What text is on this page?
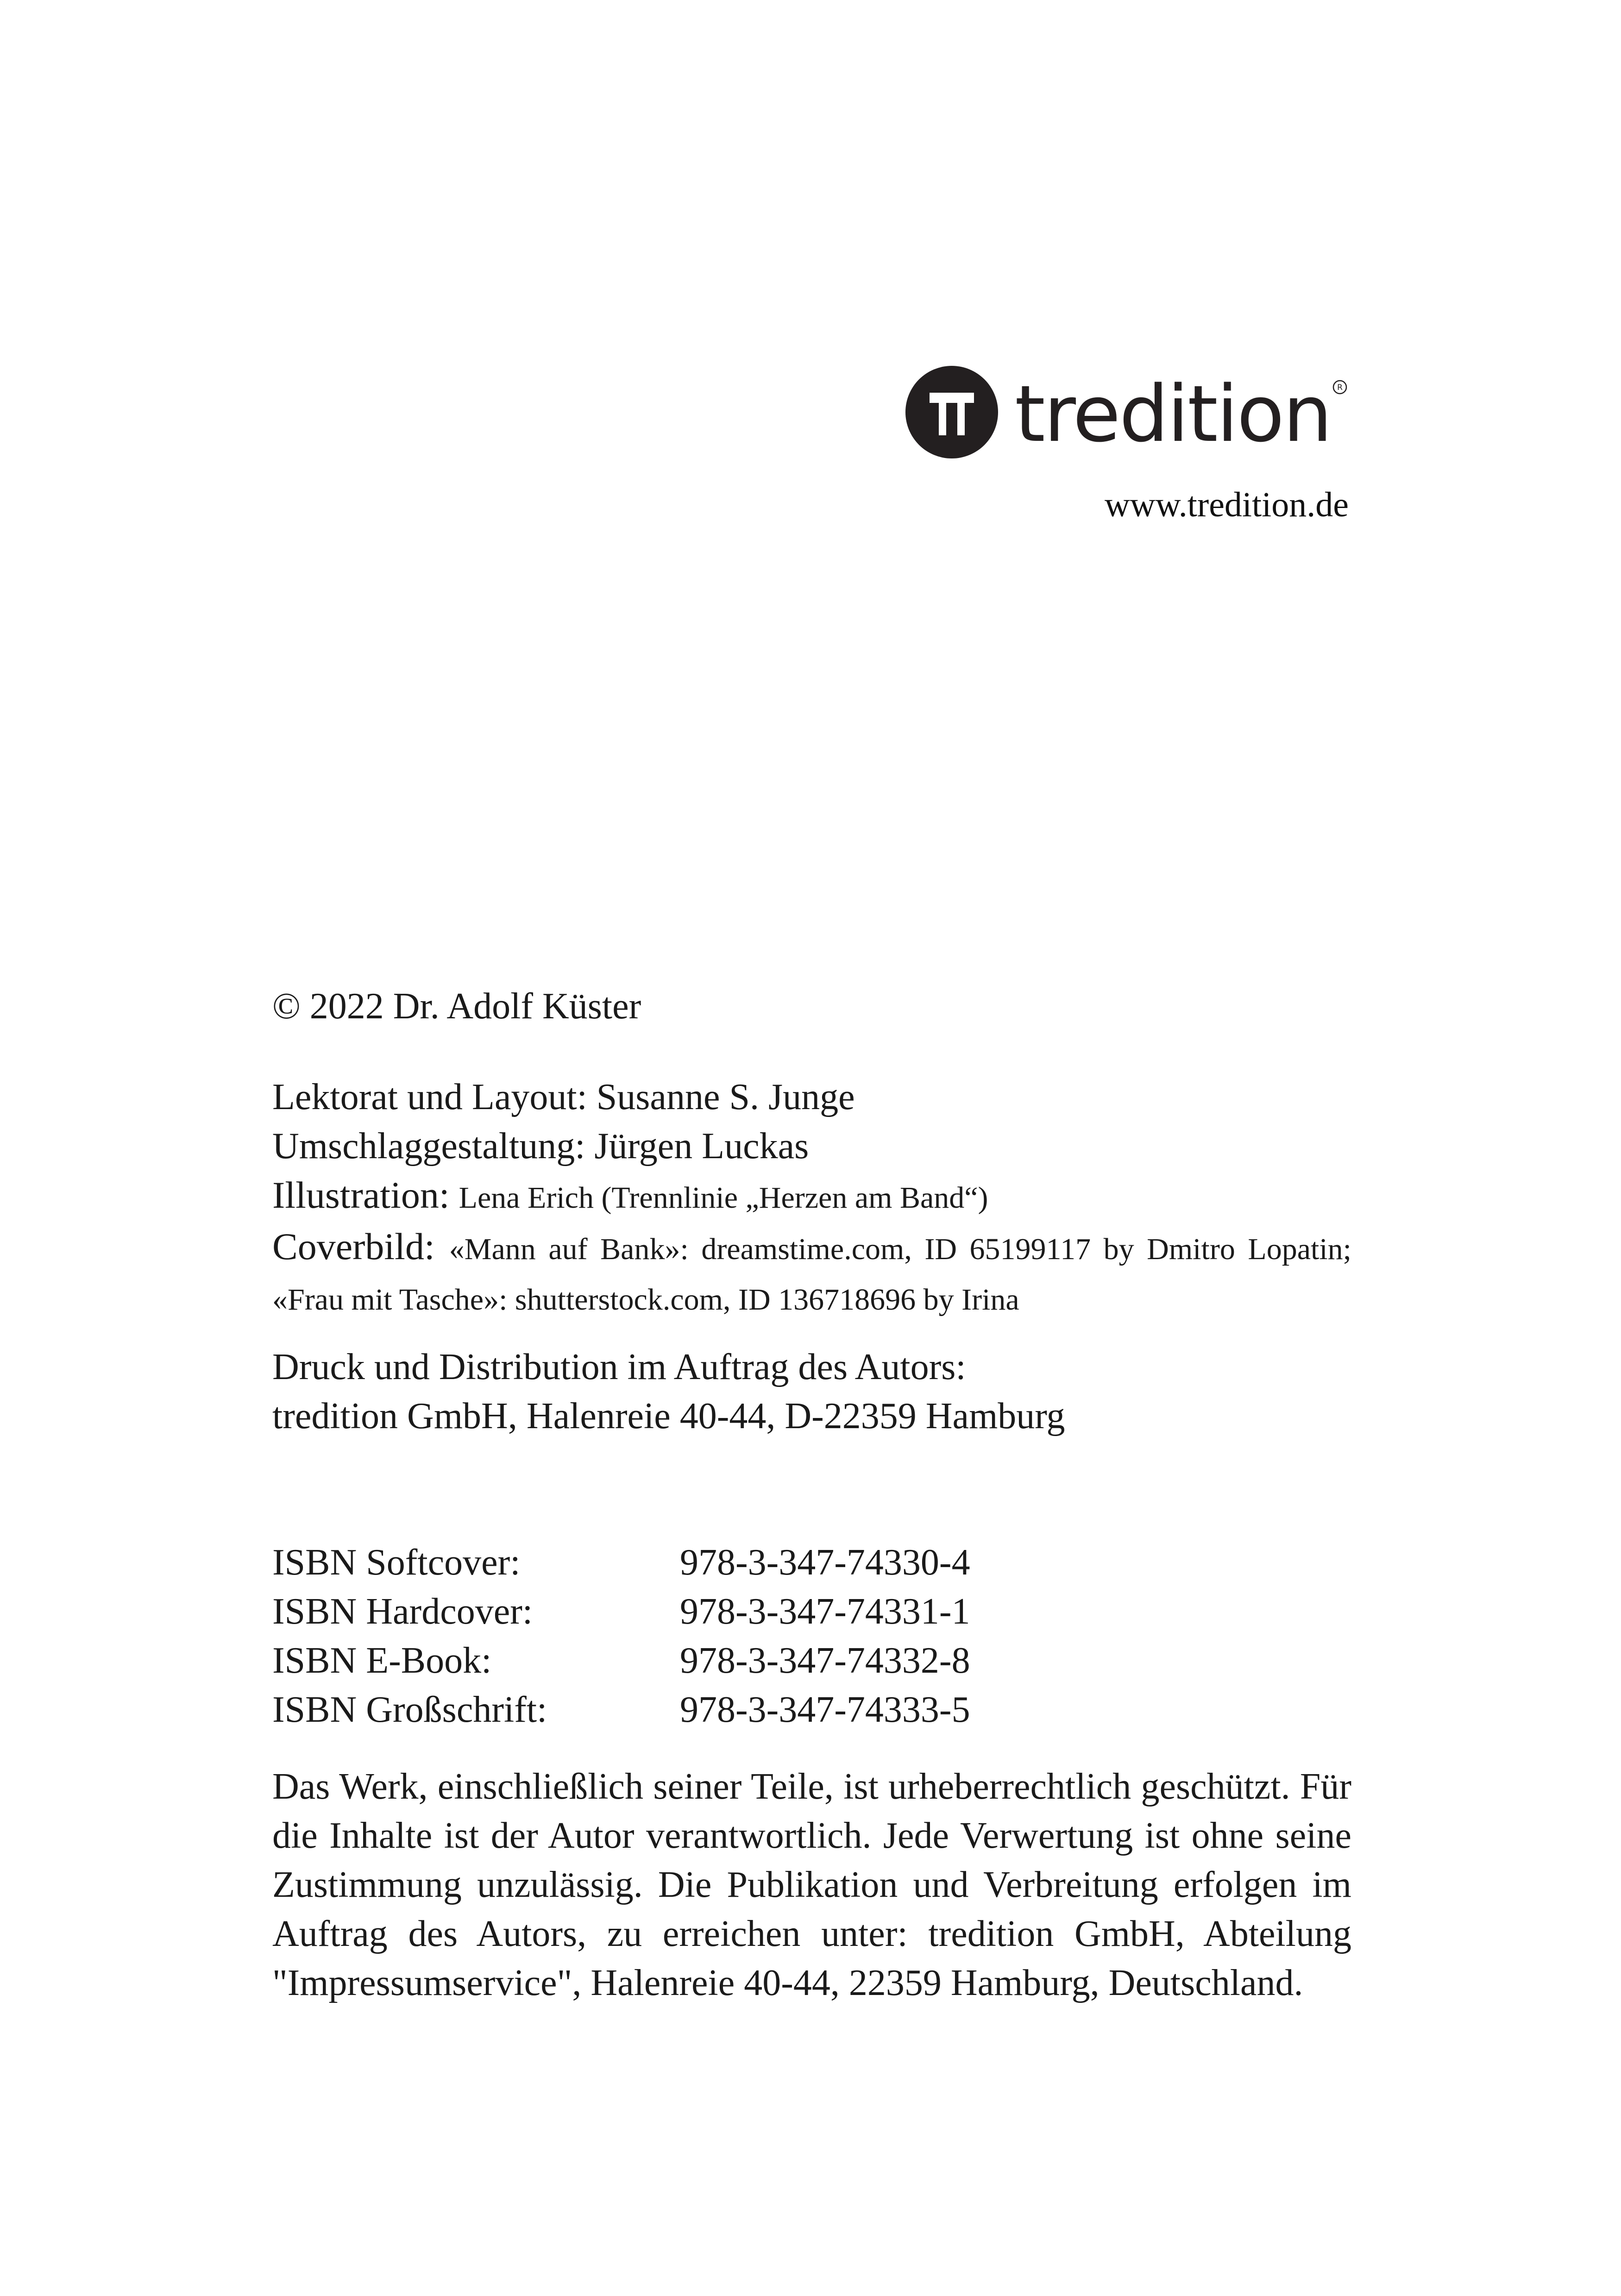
tredition R
www.tredition.de
© 2022 Dr. Adolf Küster
Lektorat und Layout: Susanne S. Junge
Umschlaggestaltung: Jürgen Luckas
Illustration: Lena Erich (Trennlinie „Herzen am Band“)
Coverbild: «Mann auf Bank»: dreamstime.com, ID 65199117 by Dmitro Lopatin; «Frau mit Tasche»: shutterstock.com, ID 136718696 by Irina
Druck und Distribution im Auftrag des Autors:
tredition GmbH, Halenreie 40-44, D-22359 Hamburg
ISBN Softcover:	978-3-347-74330-4
ISBN Hardcover:	978-3-347-74331-1
ISBN E-Book:	978-3-347-74332-8
ISBN Großschrift:	978-3-347-74333-5
Das Werk, einschließlich seiner Teile, ist urheberrechtlich geschützt. Für die Inhalte ist der Autor verantwortlich. Jede Verwertung ist ohne seine Zustimmung unzulässig. Die Publikation und Verbreitung erfolgen im Auftrag des Autors, zu erreichen unter: tredition GmbH, Abteilung "Impressumservice", Halenreie 40-44, 22359 Hamburg, Deutschland.
